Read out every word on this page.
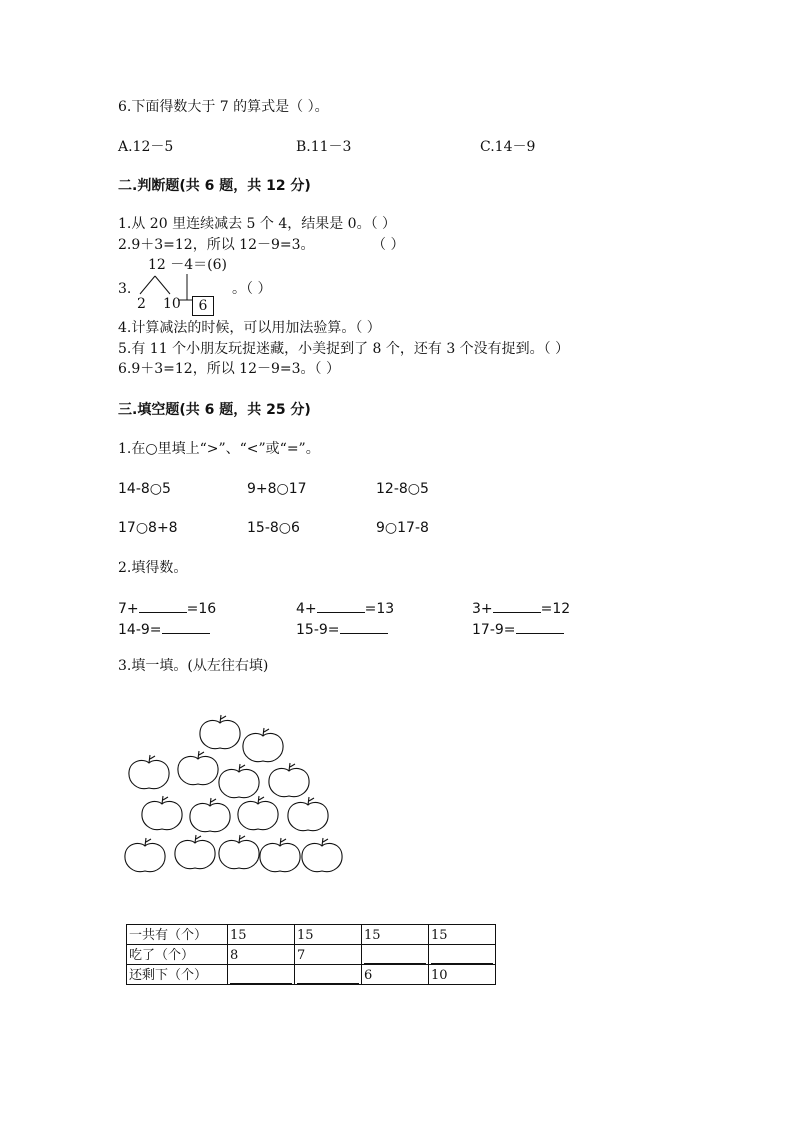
6.下面得数大于 7 的算式是（ ）。
A.12－5	B.11－3	C.14－9
二.判断题(共 6 题，共 12 分)
1.从 20 里连续减去 5 个 4，结果是 0。（ ）
2.9＋3=12，所以 12－9=3。	（ ）
3.
12 －4＝(6)
2 10	6
。（ ）
4.计算减法的时候，可以用加法验算。（ ）
5.有 11 个小朋友玩捉迷藏，小美捉到了 8 个，还有 3 个没有捉到。（ ）
6.9＋3=12，所以 12－9=3。（ ）
三.填空题(共 6 题，共 25 分)
1.在○里填上“>”、“<”或“=”。
14-8○5	9+8○17	12-8○5
17○8+8	15-8○6	9○17-8
2.填得数。
7+	=16	4+	=13	3+	=12
14-9=	15-9=	17-9=
3.填一填。(从左往右填)
一共有（个）	15	15	15	15
吃了（个）	8	7	

还剩下（个）			6	10
